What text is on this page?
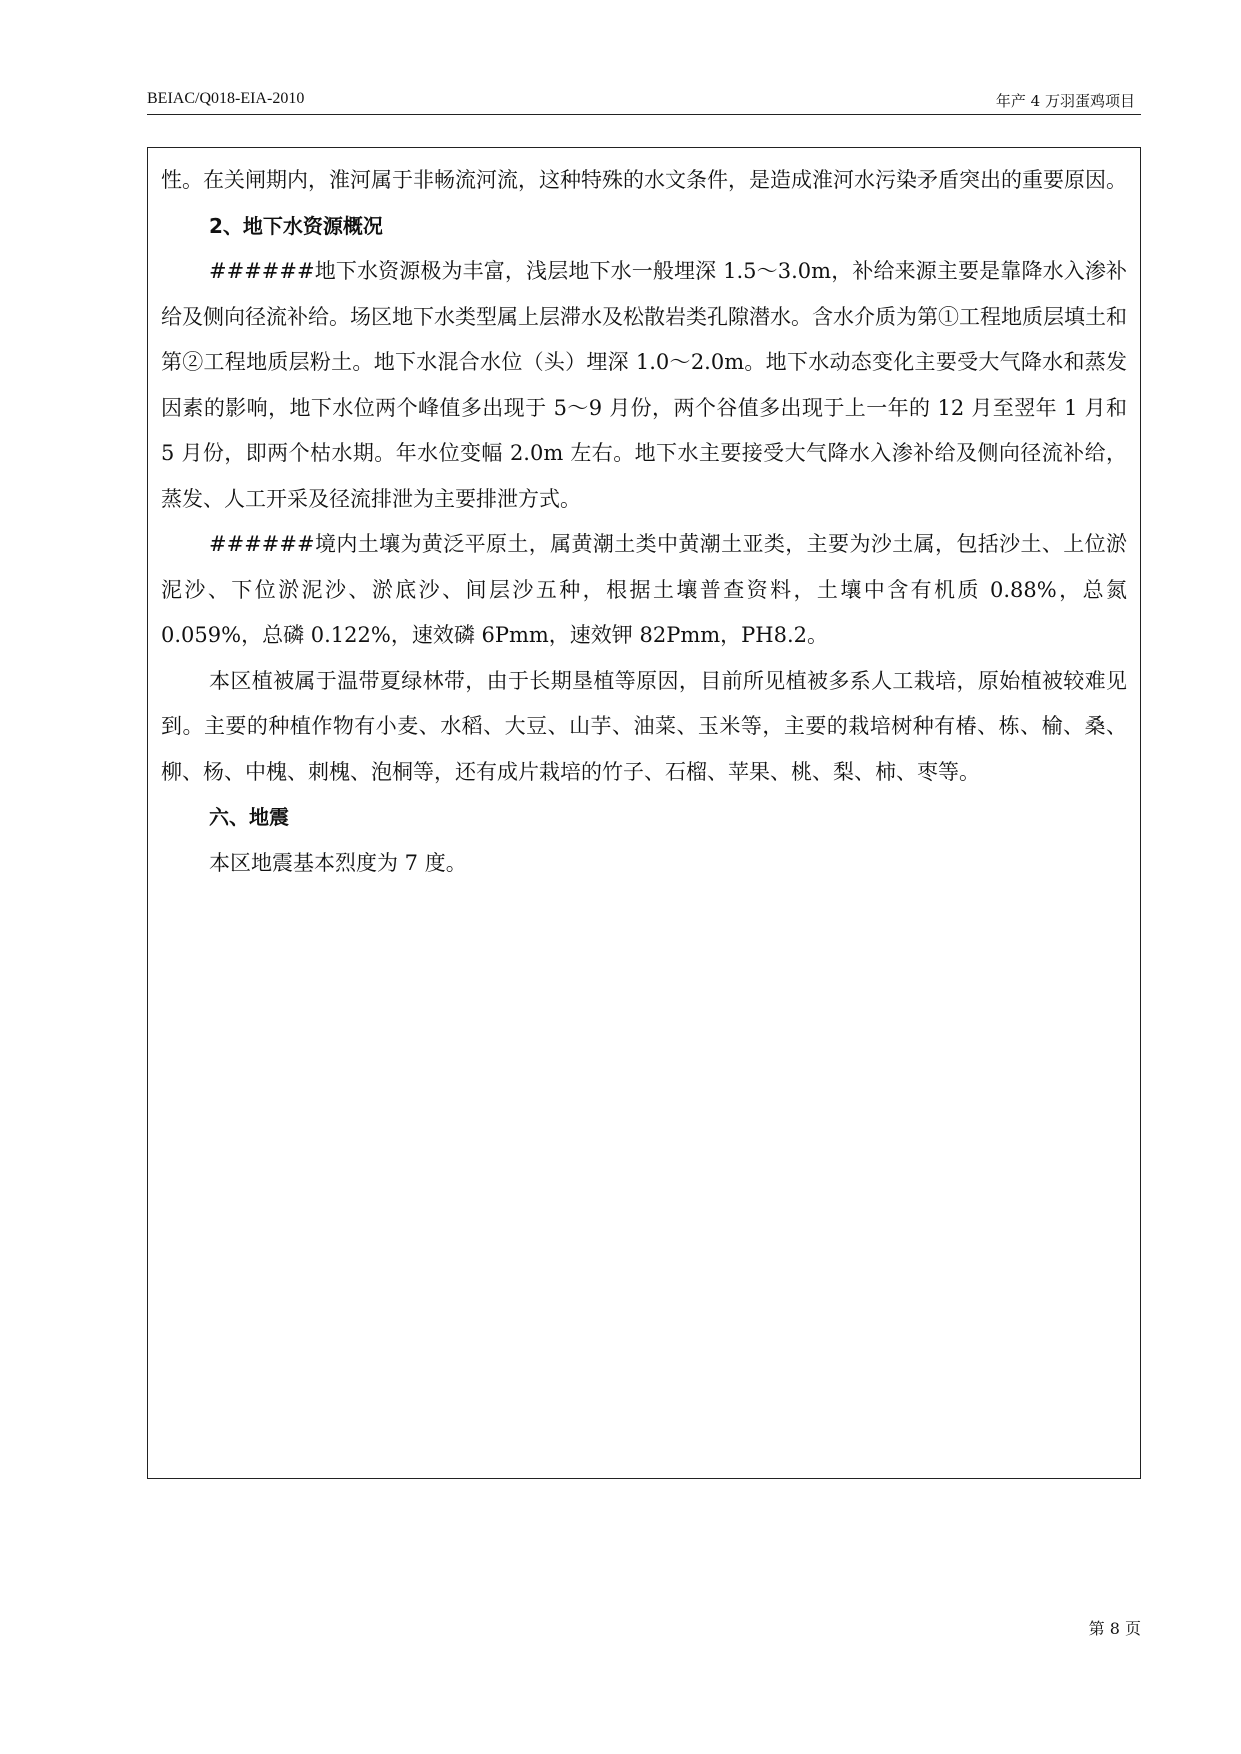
BEIAC/Q018-EIA-2010	年产 4 万羽蛋鸡项目

性。在关闸期内，淮河属于非畅流河流，这种特殊的水文条件，是造成淮河水污染矛盾突出的重要原因。

2、地下水资源概况

######地下水资源极为丰富，浅层地下水一般埋深 1.5～3.0m，补给来源主要是靠降水入渗补给及侧向径流补给。场区地下水类型属上层滞水及松散岩类孔隙潜水。含水介质为第①工程地质层填土和第②工程地质层粉土。地下水混合水位（头）埋深 1.0～2.0m。地下水动态变化主要受大气降水和蒸发因素的影响，地下水位两个峰值多出现于 5～9 月份，两个谷值多出现于上一年的 12 月至翌年 1 月和 5 月份，即两个枯水期。年水位变幅 2.0m 左右。地下水主要接受大气降水入渗补给及侧向径流补给，蒸发、人工开采及径流排泄为主要排泄方式。

######境内土壤为黄泛平原土，属黄潮土类中黄潮土亚类，主要为沙土属，包括沙土、上位淤泥沙、下位淤泥沙、淤底沙、间层沙五种，根据土壤普查资料，土壤中含有机质 0.88%，总氮 0.059%，总磷 0.122%，速效磷 6Pmm，速效钾 82Pmm，PH8.2。

本区植被属于温带夏绿林带，由于长期垦植等原因，目前所见植被多系人工栽培，原始植被较难见到。主要的种植作物有小麦、水稻、大豆、山芋、油菜、玉米等，主要的栽培树种有椿、栋、榆、桑、柳、杨、中槐、刺槐、泡桐等，还有成片栽培的竹子、石榴、苹果、桃、梨、柿、枣等。

六、地震

本区地震基本烈度为 7 度。

第 8 页
